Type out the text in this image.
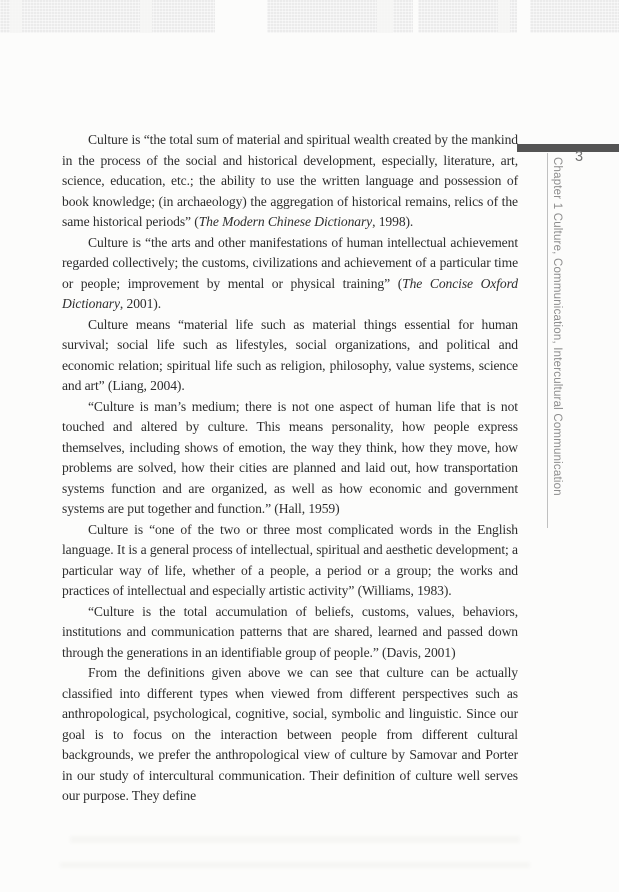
3
Chapter 1 Culture, Communication, Intercultural Communication

Culture is “the total sum of material and spiritual wealth created by the mankind in the process of the social and historical development, especially, literature, art, science, education, etc.; the ability to use the written language and possession of book knowledge; (in archaeology) the aggregation of historical remains, relics of the same historical periods” (The Modern Chinese Dictionary, 1998).

Culture is “the arts and other manifestations of human intellectual achievement regarded collectively; the customs, civilizations and achievement of a particular time or people; improvement by mental or physical training” (The Concise Oxford Dictionary, 2001).

Culture means “material life such as material things essential for human survival; social life such as lifestyles, social organizations, and political and economic relation; spiritual life such as religion, philosophy, value systems, science and art” (Liang, 2004).

“Culture is man’s medium; there is not one aspect of human life that is not touched and altered by culture. This means personality, how people express themselves, including shows of emotion, the way they think, how they move, how problems are solved, how their cities are planned and laid out, how transportation systems function and are organized, as well as how economic and government systems are put together and function.” (Hall, 1959)

Culture is “one of the two or three most complicated words in the English language. It is a general process of intellectual, spiritual and aesthetic development; a particular way of life, whether of a people, a period or a group; the works and practices of intellectual and especially artistic activity” (Williams, 1983).

“Culture is the total accumulation of beliefs, customs, values, behaviors, institutions and communication patterns that are shared, learned and passed down through the generations in an identifiable group of people.” (Davis, 2001)

From the definitions given above we can see that culture can be actually classified into different types when viewed from different perspectives such as anthropological, psychological, cognitive, social, symbolic and linguistic. Since our goal is to focus on the interaction between people from different cultural backgrounds, we prefer the anthropological view of culture by Samovar and Porter in our study of intercultural communication. Their definition of culture well serves our purpose. They define
